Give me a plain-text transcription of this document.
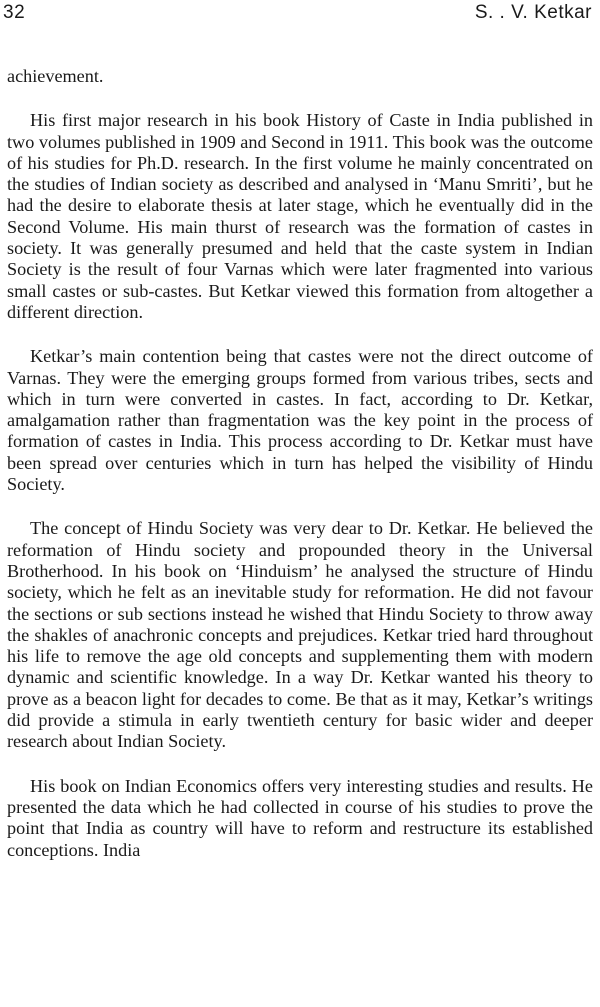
32	S. . V. Ketkar

achievement.

His first major research in his book History of Caste in India published in two volumes published in 1909 and Second in 1911. This book was the outcome of his studies for Ph.D. research. In the first volume he mainly concentrated on the studies of Indian society as described and analysed in ‘Manu Smriti’, but he had the desire to elaborate thesis at later stage, which he eventually did in the Second Volume. His main thurst of research was the formation of castes in society. It was generally presumed and held that the caste system in Indian Society is the result of four Varnas which were later fragmented into various small castes or sub-castes. But Ketkar viewed this formation from altogether a different direction.

Ketkar’s main contention being that castes were not the direct outcome of Varnas. They were the emerging groups formed from various tribes, sects and which in turn were converted in castes. In fact, according to Dr. Ketkar, amalgamation rather than fragmentation was the key point in the process of formation of castes in India. This process according to Dr. Ketkar must have been spread over centuries which in turn has helped the visibility of Hindu Society.

The concept of Hindu Society was very dear to Dr. Ketkar. He believed the reformation of Hindu society and propounded theory in the Universal Brotherhood. In his book on ‘Hinduism’ he analysed the structure of Hindu society, which he felt as an inevitable study for reformation. He did not favour the sections or sub sections instead he wished that Hindu Society to throw away the shakles of anachronic concepts and prejudices. Ketkar tried hard throughout his life to remove the age old concepts and supplementing them with modern dynamic and scientific knowledge. In a way Dr. Ketkar wanted his theory to prove as a beacon light for decades to come. Be that as it may, Ketkar’s writings did provide a stimula in early twentieth century for basic wider and deeper research about Indian Society.

His book on Indian Economics offers very interesting studies and results. He presented the data which he had collected in course of his studies to prove the point that India as country will have to reform and restructure its established conceptions. India
